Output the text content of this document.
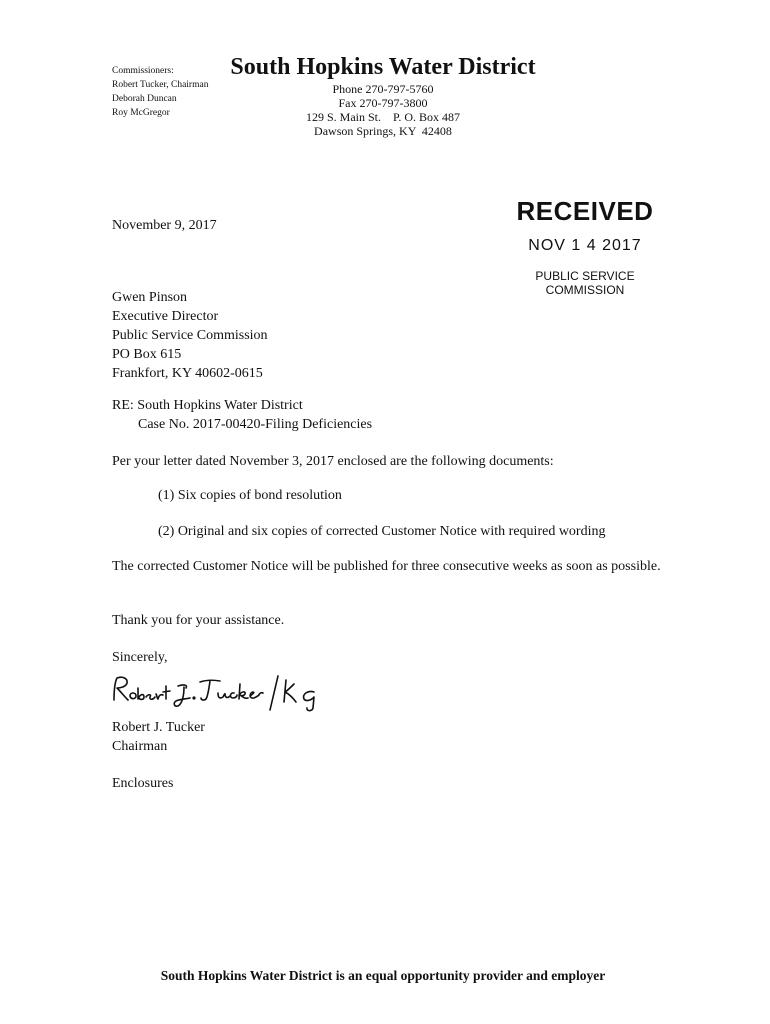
Commissioners:
Robert Tucker, Chairman
Deborah Duncan
Roy McGregor
South Hopkins Water District
Phone 270-797-5760
Fax 270-797-3800
129 S. Main St.    P. O. Box 487
Dawson Springs, KY  42408
RECEIVED
NOV 1 4 2017
PUBLIC SERVICE
COMMISSION
November 9, 2017
Gwen Pinson
Executive Director
Public Service Commission
PO Box 615
Frankfort, KY 40602-0615
RE: South Hopkins Water District
Case No. 2017-00420-Filing Deficiencies
Per your letter dated November 3, 2017 enclosed are the following documents:
(1) Six copies of bond resolution
(2) Original and six copies of corrected Customer Notice with required wording
The corrected Customer Notice will be published for three consecutive weeks as soon as possible.
Thank you for your assistance.
Sincerely,
Robert J. Tucker
Chairman
Enclosures
South Hopkins Water District is an equal opportunity provider and employer
